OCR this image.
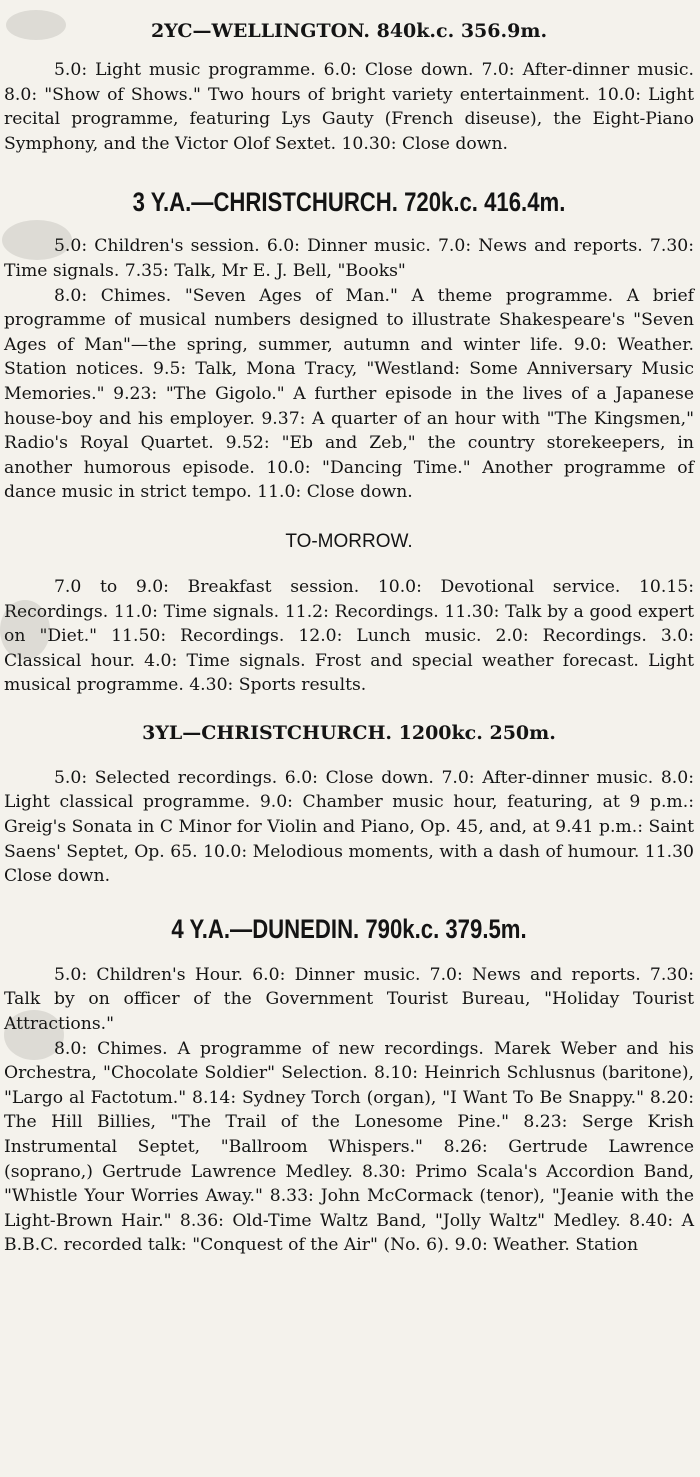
2YC—WELLINGTON. 840k.c. 356.9m.

5.0: Light music programme. 6.0: Close down. 7.0: After-dinner music. 8.0: "Show of Shows." Two hours of bright variety entertainment. 10.0: Light recital programme, featuring Lys Gauty (French diseuse), the Eight-Piano Symphony, and the Victor Olof Sextet. 10.30: Close down.

3 Y.A.—CHRISTCHURCH. 720k.c. 416.4m.

5.0: Children's session. 6.0: Dinner music. 7.0: News and reports. 7.30: Time signals. 7.35: Talk, Mr E. J. Bell, "Books"

8.0: Chimes. "Seven Ages of Man." A theme programme. A brief programme of musical numbers designed to illustrate Shakespeare's "Seven Ages of Man"—the spring, summer, autumn and winter life. 9.0: Weather. Station notices. 9.5: Talk, Mona Tracy, "Westland: Some Anniversary Music Memories." 9.23: "The Gigolo." A further episode in the lives of a Japanese house-boy and his employer. 9.37: A quarter of an hour with "The Kingsmen," Radio's Royal Quartet. 9.52: "Eb and Zeb," the country storekeepers, in another humorous episode. 10.0: "Dancing Time." Another programme of dance music in strict tempo. 11.0: Close down.

TO-MORROW.

7.0 to 9.0: Breakfast session. 10.0: Devotional service. 10.15: Recordings. 11.0: Time signals. 11.2: Recordings. 11.30: Talk by a good expert on "Diet." 11.50: Recordings. 12.0: Lunch music. 2.0: Recordings. 3.0: Classical hour. 4.0: Time signals. Frost and special weather forecast. Light musical programme. 4.30: Sports results.

3YL—CHRISTCHURCH. 1200kc. 250m.

5.0: Selected recordings. 6.0: Close down. 7.0: After-dinner music. 8.0: Light classical programme. 9.0: Chamber music hour, featuring, at 9 p.m.: Greig's Sonata in C Minor for Violin and Piano, Op. 45, and, at 9.41 p.m.: Saint Saens' Septet, Op. 65. 10.0: Melodious moments, with a dash of humour. 11.30 Close down.

4 Y.A.—DUNEDIN. 790k.c. 379.5m.

5.0: Children's Hour. 6.0: Dinner music. 7.0: News and reports. 7.30: Talk by on officer of the Government Tourist Bureau, "Holiday Tourist Attractions."

8.0: Chimes. A programme of new recordings. Marek Weber and his Orchestra, "Chocolate Soldier" Selection. 8.10: Heinrich Schlusnus (baritone), "Largo al Factotum." 8.14: Sydney Torch (organ), "I Want To Be Snappy." 8.20: The Hill Billies, "The Trail of the Lonesome Pine." 8.23: Serge Krish Instrumental Septet, "Ballroom Whispers." 8.26: Gertrude Lawrence (soprano,) Gertrude Lawrence Medley. 8.30: Primo Scala's Accordion Band, "Whistle Your Worries Away." 8.33: John McCormack (tenor), "Jeanie with the Light-Brown Hair." 8.36: Old-Time Waltz Band, "Jolly Waltz" Medley. 8.40: A B.B.C. recorded talk: "Conquest of the Air" (No. 6). 9.0: Weather. Station
